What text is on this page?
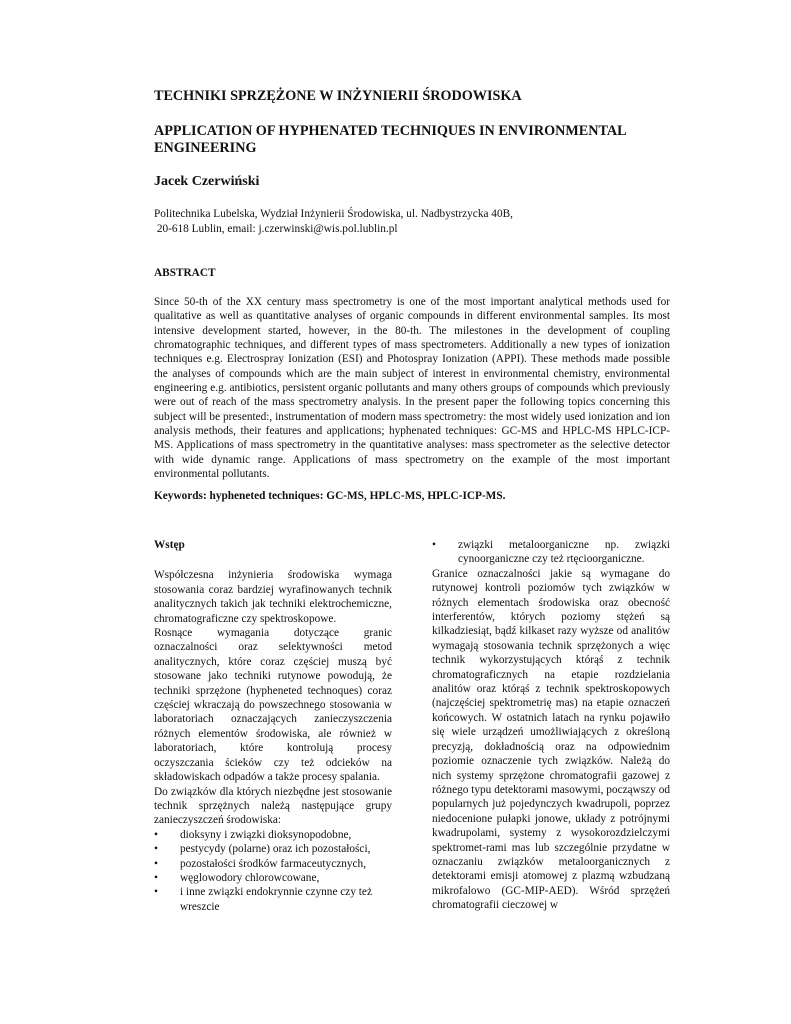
TECHNIKI SPRZĘŻONE W INŻYNIERII ŚRODOWISKA
APPLICATION OF HYPHENATED TECHNIQUES IN ENVIRONMENTAL ENGINEERING

Jacek Czerwiński

Politechnika Lubelska, Wydział Inżynierii Środowiska, ul. Nadbystrzycka 40B,
20-618 Lublin, email: j.czerwinski@wis.pol.lublin.pl

ABSTRACT

Since 50-th of the XX century mass spectrometry is one of the most important analytical methods used for qualitative as well as quantitative analyses of organic compounds in different environmental samples. Its most intensive development started, however, in the 80-th. The milestones in the development of coupling chromatographic techniques, and different types of mass spectrometers. Additionally a new types of ionization techniques e.g. Electrospray Ionization (ESI) and Photospray Ionization (APPI). These methods made possible the analyses of compounds which are the main subject of interest in environmental chemistry, environmental engineering e.g. antibiotics, persistent organic pollutants and many others groups of compounds which previously were out of reach of the mass spectrometry analysis. In the present paper the following topics concerning this subject will be presented:, instrumentation of modern mass spectrometry: the most widely used ionization and ion analysis methods, their features and applications; hyphenated techniques: GC-MS and HPLC-MS HPLC-ICP-MS. Applications of mass spectrometry in the quantitative analyses: mass spectrometer as the selective detector with wide dynamic range. Applications of mass spectrometry on the example of the most important environmental pollutants.

Keywords: hypheneted techniques: GC-MS, HPLC-MS, HPLC-ICP-MS.

Wstęp

Współczesna inżynieria środowiska wymaga stosowania coraz bardziej wyrafinowanych technik analitycznych takich jak techniki elektrochemiczne, chromatograficzne czy spektroskopowe.

Rosnące wymagania dotyczące granic oznaczalności oraz selektywności metod analitycznych, które coraz częściej muszą być stosowane jako techniki rutynowe powodują, że techniki sprzężone (hypheneted technoques) coraz częściej wkraczają do powszechnego stosowania w laboratoriach oznaczających zanieczyszczenia różnych elementów środowiska, ale również w laboratoriach, które kontrolują procesy oczyszczania ścieków czy też odcieków na składowiskach odpadów a także procesy spalania.

Do związków dla których niezbędne jest stosowanie technik sprzężnych należą następujące grupy zanieczyszczeń środowiska:

• dioksyny i związki dioksynopodobne,
• pestycydy (polarne) oraz ich pozostałości,
• pozostałości środków farmaceutycznych,
• węglowodory chlorowcowane,
• i inne związki endokrynnie czynne czy też wreszcie
• związki metaloorganiczne np. związki cynoorganiczne czy też rtęcioorganiczne.

Granice oznaczalności jakie są wymagane do rutynowej kontroli poziomów tych związków w różnych elementach środowiska oraz obecność interferentów, których poziomy stężeń są kilkadziesiąt, bądź kilkaset razy wyższe od analitów wymagają stosowania technik sprzężonych a więc technik wykorzystujących którąś z technik chromatograficznych na etapie rozdzielania analitów oraz którąś z technik spektroskopowych (najczęściej spektrometrię mas) na etapie oznaczeń końcowych. W ostatnich latach na rynku pojawiło się wiele urządzeń umożliwiających z określoną precyzją, dokładnością oraz na odpowiednim poziomie oznaczenie tych związków. Należą do nich systemy sprzężone chromatografii gazowej z różnego typu detektorami masowymi, począwszy od popularnych już pojedynczych kwadrupoli, poprzez niedocenione pułapki jonowe, układy z potrójnymi kwadrupolami, systemy z wysokorozdzielczymi spektromet-rami mas lub szczególnie przydatne w oznaczaniu związków metaloorganicznych z detektorami emisji atomowej z plazmą wzbudzaną mikrofalowo (GC-MIP-AED). Wśród sprzężeń chromatografii cieczowej w
